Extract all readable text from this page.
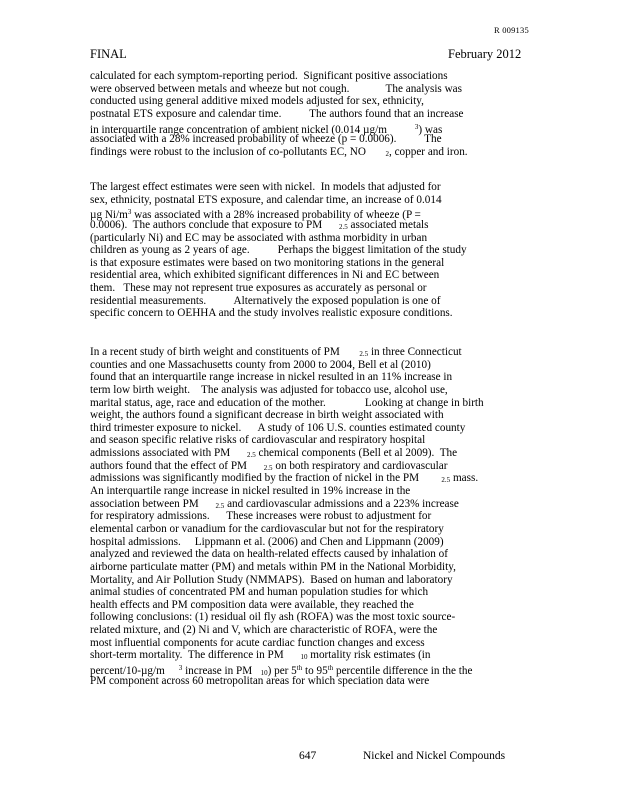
R 009135
FINAL	February 2012
calculated for each symptom-reporting period.  Significant positive associations
were observed between metals and wheeze but not cough.             The analysis was
conducted using general additive mixed models adjusted for sex, ethnicity,
postnatal ETS exposure and calendar time.          The authors found that an increase
in interquartile range concentration of ambient nickel (0.014 µg/m	$^3$) was
associated with a 28% increased probability of wheeze (p = 0.0006).          The
findings were robust to the inclusion of co-pollutants EC, NO	2, copper and iron.
The largest effect estimates were seen with nickel.  In models that adjusted for
sex, ethnicity, postnatal ETS exposure, and calendar time, an increase of 0.014
µg $Ni/m^3$ was associated with a 28% increased probability of wheeze (P =
0.0006).  The authors conclude that exposure to PM 2.5 associated metals
(particularly Ni) and EC may be associated with asthma morbidity in urban
children as young as 2 years of age.          Perhaps the biggest limitation of the study
is that exposure estimates were based on two monitoring stations in the general
residential area, which exhibited significant differences in Ni and EC between
them.   These may not represent true exposures as accurately as personal or
residential measurements.          Alternatively the exposed population is one of
specific concern to OEHHA and the study involves realistic exposure conditions.
In a recent study of birth weight and constituents of PM	2.5 in three Connecticut
counties and one Massachusetts county from 2000 to 2004, Bell et al (2010)
found that an interquartile range increase in nickel resulted in an 11% increase in
term low birth weight.    The analysis was adjusted for tobacco use, alcohol use,
marital status, age, race and education of the mother.              Looking at change in birth
weight, the authors found a significant decrease in birth weight associated with
third trimester exposure to nickel.      A study of 106 U.S. counties estimated county
and season specific relative risks of cardiovascular and respiratory hospital
admissions associated with PM 2.5 chemical components (Bell et al 2009).  The
authors found that the effect of PM 2.5 on both respiratory and cardiovascular
admissions was significantly modified by the fraction of nickel in the PM	2.5 mass.
An interquartile range increase in nickel resulted in 19% increase in the
association between PM 2.5 and cardiovascular admissions and a 223% increase
for respiratory admissions.      These increases were robust to adjustment for
elemental carbon or vanadium for the cardiovascular but not for the respiratory
hospital admissions.     Lippmann et al. (2006) and Chen and Lippmann (2009)
analyzed and reviewed the data on health-related effects caused by inhalation of
airborne particulate matter (PM) and metals within PM in the National Morbidity,
Mortality, and Air Pollution Study (NMMAPS).  Based on human and laboratory
animal studies of concentrated PM and human population studies for which
health effects and PM composition data were available, they reached the
following conclusions: (1) residual oil fly ash (ROFA) was the most toxic source-
related mixture, and (2) Ni and V, which are characteristic of ROFA, were the
most influential components for acute cardiac function changes and excess
short-term mortality.  The difference in PM 10 mortality risk estimates (in
percent/10-µg/m $^3$ increase in PM 10) per 5th to 95th percentile difference in the the
PM component across 60 metropolitan areas for which speciation data were
647	Nickel and Nickel Compounds
